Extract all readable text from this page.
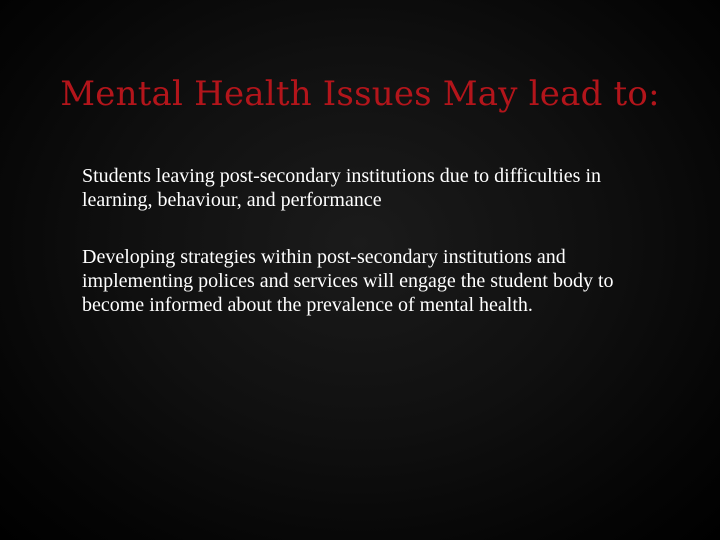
Mental Health Issues May lead to:

Students leaving post-secondary institutions due to difficulties in learning, behaviour, and performance

Developing strategies within post-secondary institutions and implementing polices and services will engage the student body to become informed about the prevalence of mental health.
